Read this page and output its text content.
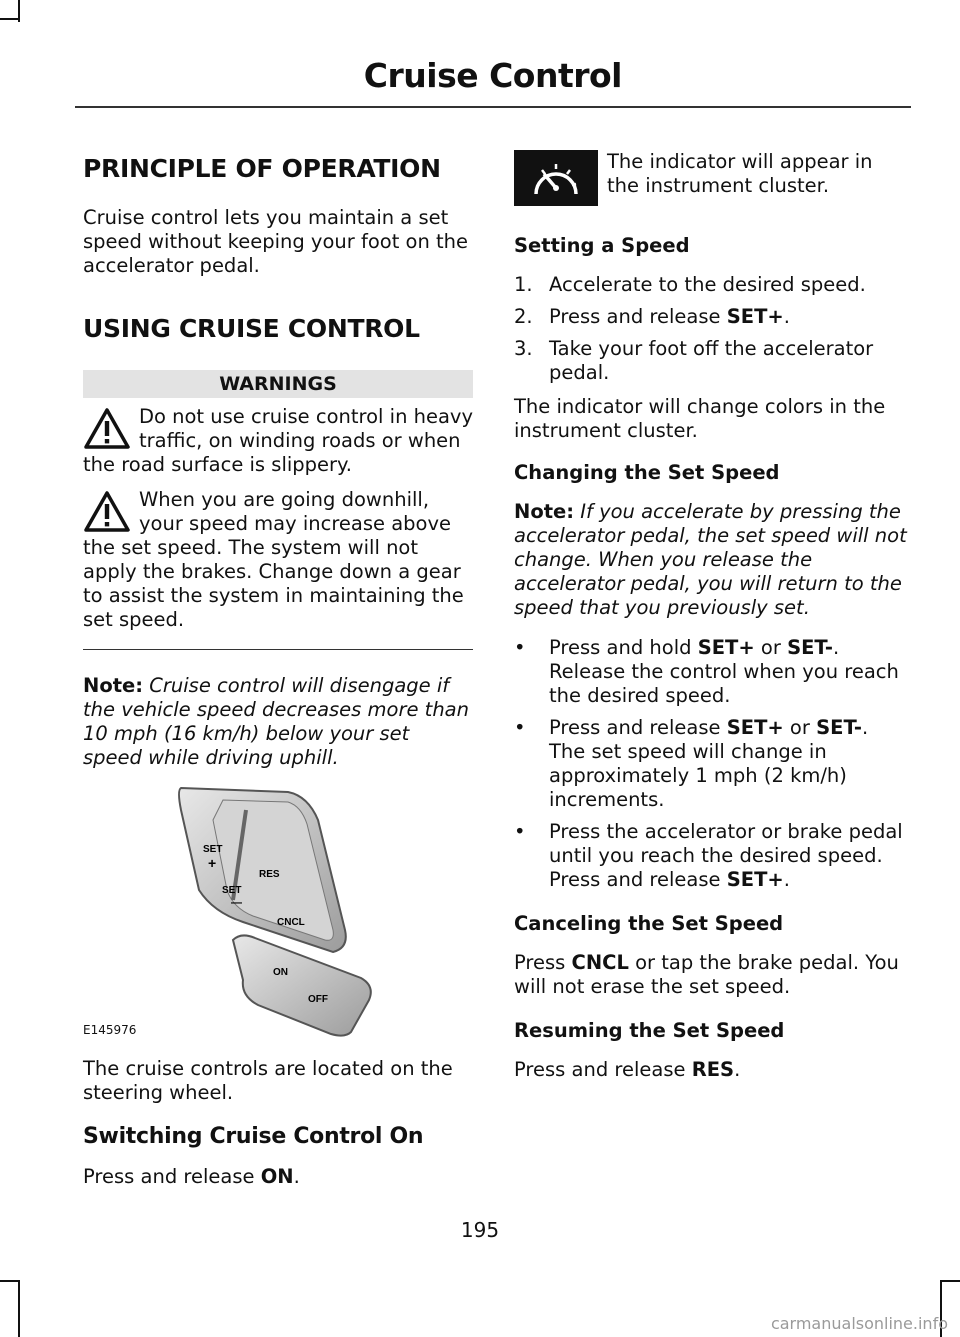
Cruise Control
PRINCIPLE OF OPERATION

Cruise control lets you maintain a set speed without keeping your foot on the accelerator pedal.

USING CRUISE CONTROL
WARNINGS

Do not use cruise control in heavy traffic, on winding roads or when the road surface is slippery.

When you are going downhill, your speed may increase above the set speed. The system will not apply the brakes. Change down a gear to assist the system in maintaining the set speed.

Note: Cruise control will disengage if the vehicle speed decreases more than 10 mph (16 km/h) below your set speed while driving uphill.

SET
+
SET
—
RES
CNCL
ON
OFF
E145976

The cruise controls are located on the steering wheel.

Switching Cruise Control On

Press and release ON.

The indicator will appear in the instrument cluster.

Setting a Speed
1. Accelerate to the desired speed.
2. Press and release SET+.
3. Take your foot off the accelerator pedal.

The indicator will change colors in the instrument cluster.

Changing the Set Speed

Note: If you accelerate by pressing the accelerator pedal, the set speed will not change. When you release the accelerator pedal, you will return to the speed that you previously set.

• Press and hold SET+ or SET-. Release the control when you reach the desired speed.
• Press and release SET+ or SET-. The set speed will change in approximately 1 mph (2 km/h) increments.
• Press the accelerator or brake pedal until you reach the desired speed. Press and release SET+.
Canceling the Set Speed

Press CNCL or tap the brake pedal. You will not erase the set speed.

Resuming the Set Speed

Press and release RES.

195
carmanualsonline.info
